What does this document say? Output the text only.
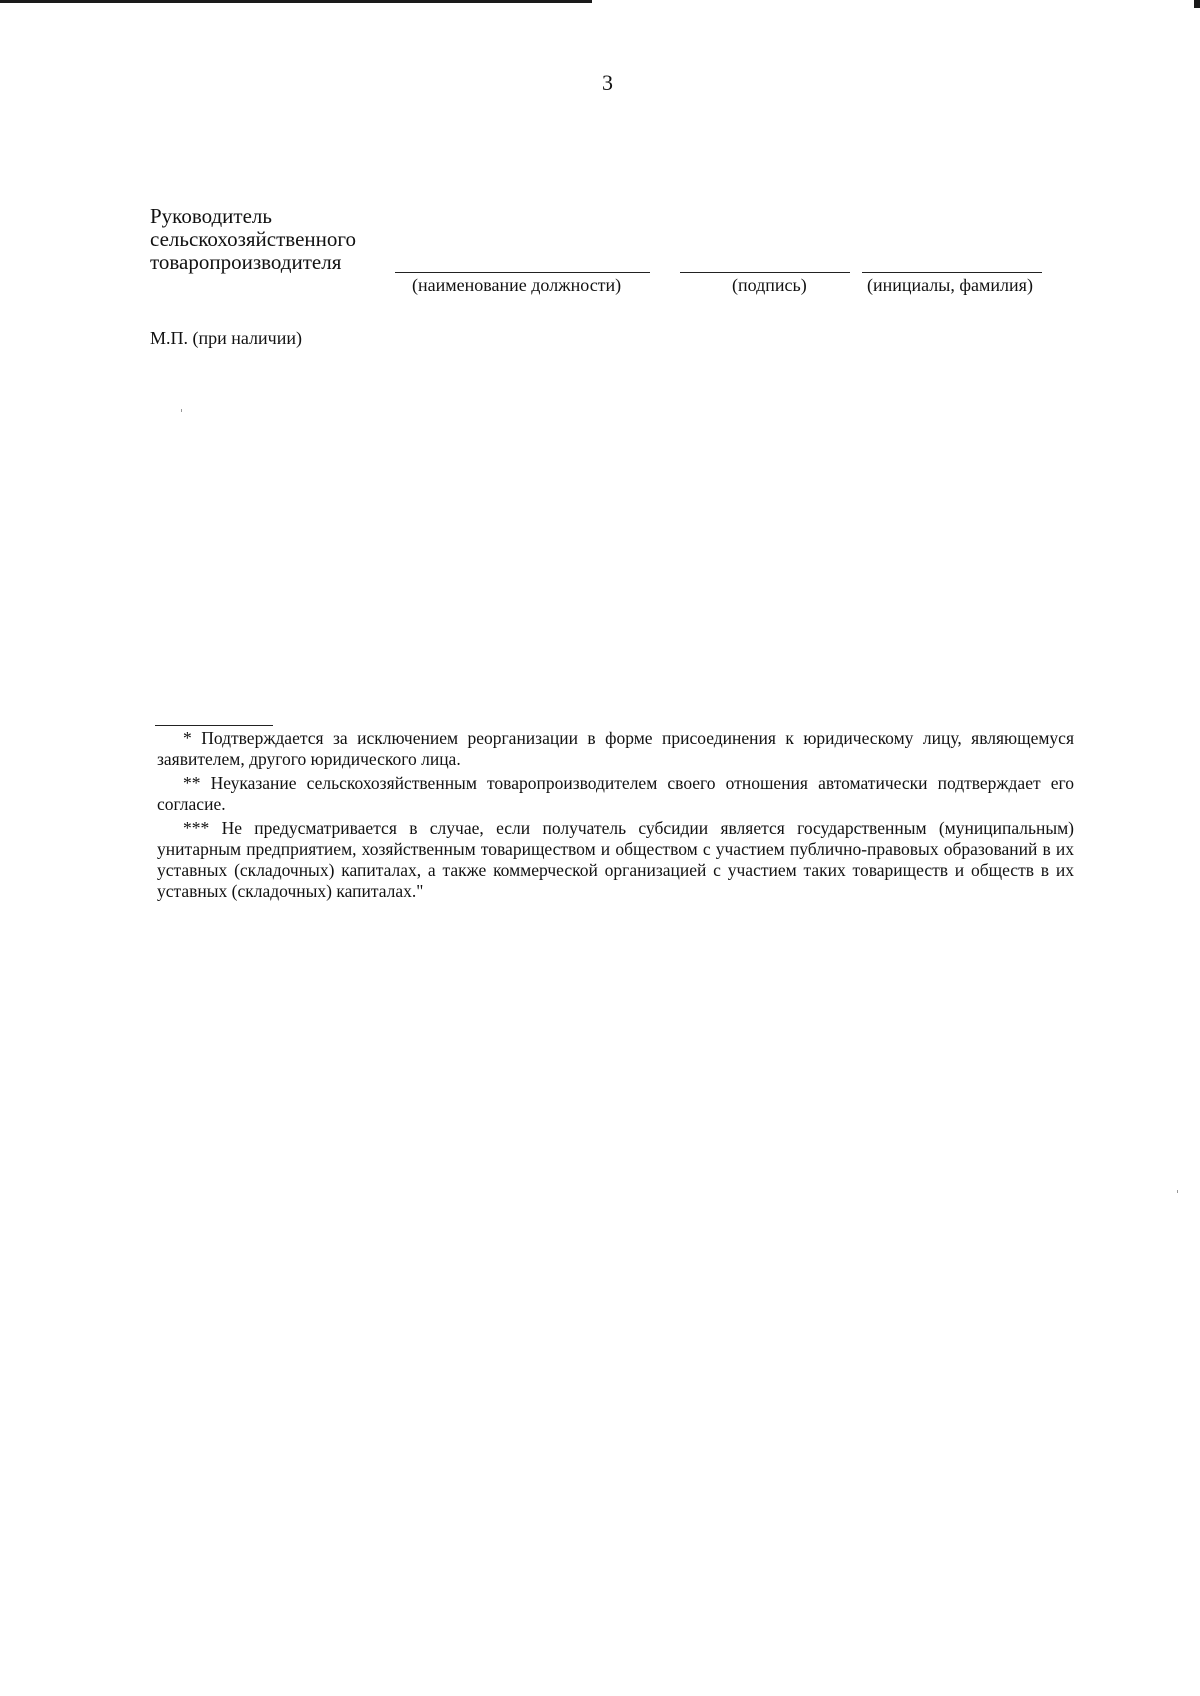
3
Руководитель
сельскохозяйственного
товаропроизводителя
(наименование должности)	(подпись)	(инициалы, фамилия)
М.П. (при наличии)

* Подтверждается за исключением реорганизации в форме присоединения к юридическому лицу, являющемуся заявителем, другого юридического лица.

** Неуказание сельскохозяйственным товаропроизводителем своего отношения автоматически подтверждает его согласие.

*** Не предусматривается в случае, если получатель субсидии является государственным (муниципальным) унитарным предприятием, хозяйственным товариществом и обществом с участием публично-правовых образований в их уставных (складочных) капиталах, а также коммерческой организацией с участием таких товариществ и обществ в их уставных (складочных) капиталах."
